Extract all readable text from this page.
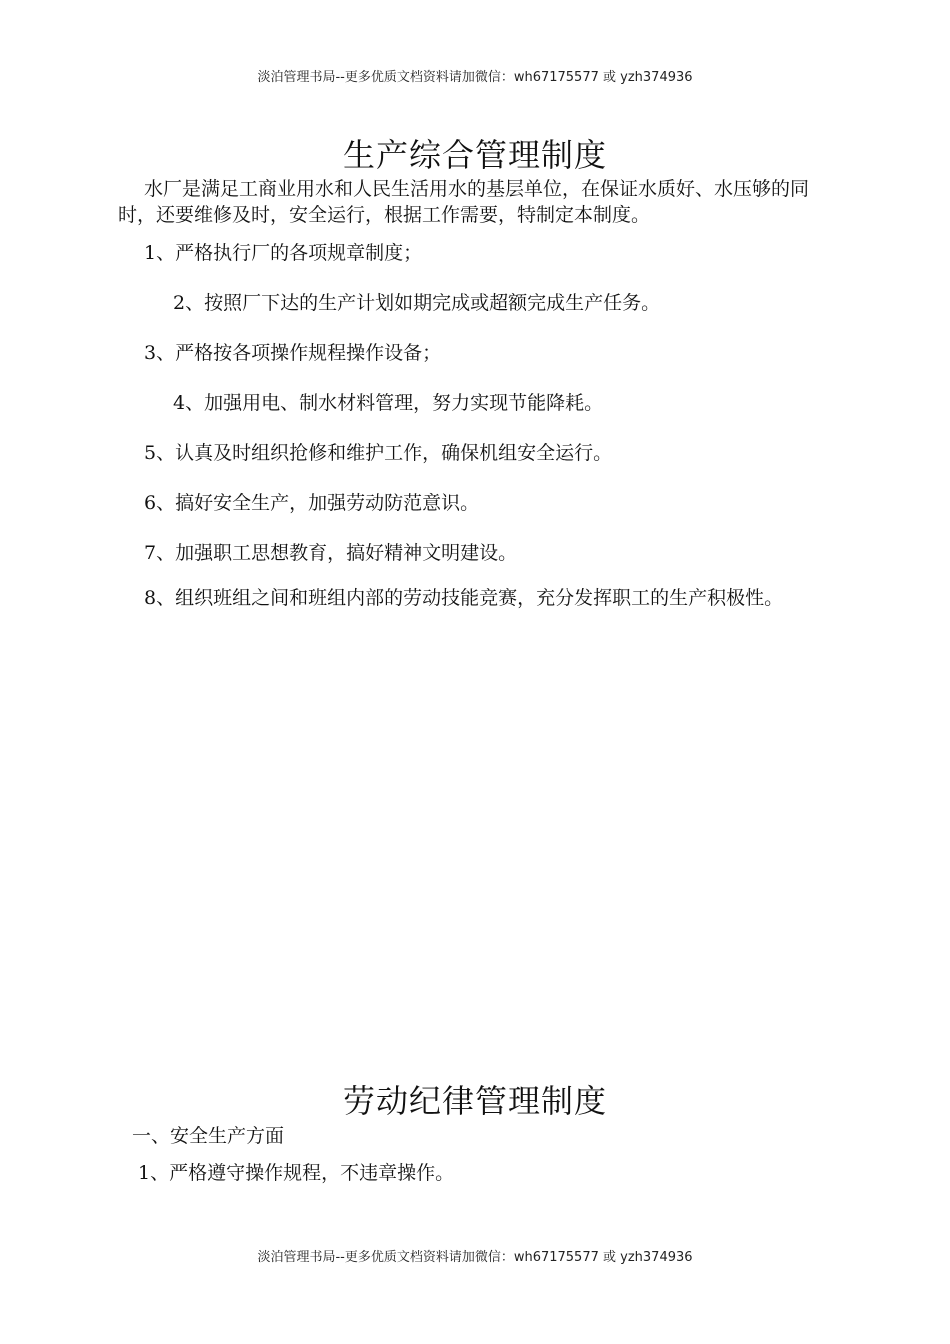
淡泊管理书局--更多优质文档资料请加微信：wh67175577 或 yzh374936
生产综合管理制度

水厂是满足工商业用水和人民生活用水的基层单位，在保证水质好、水压够的同时，还要维修及时，安全运行，根据工作需要，特制定本制度。

1、严格执行厂的各项规章制度；

2、按照厂下达的生产计划如期完成或超额完成生产任务。

3、严格按各项操作规程操作设备；

4、加强用电、制水材料管理，努力实现节能降耗。

5、认真及时组织抢修和维护工作，确保机组安全运行。

6、搞好安全生产，加强劳动防范意识。

7、加强职工思想教育，搞好精神文明建设。

8、组织班组之间和班组内部的劳动技能竞赛，充分发挥职工的生产积极性。

劳动纪律管理制度

一、安全生产方面

1、严格遵守操作规程，不违章操作。

淡泊管理书局--更多优质文档资料请加微信：wh67175577 或 yzh374936
